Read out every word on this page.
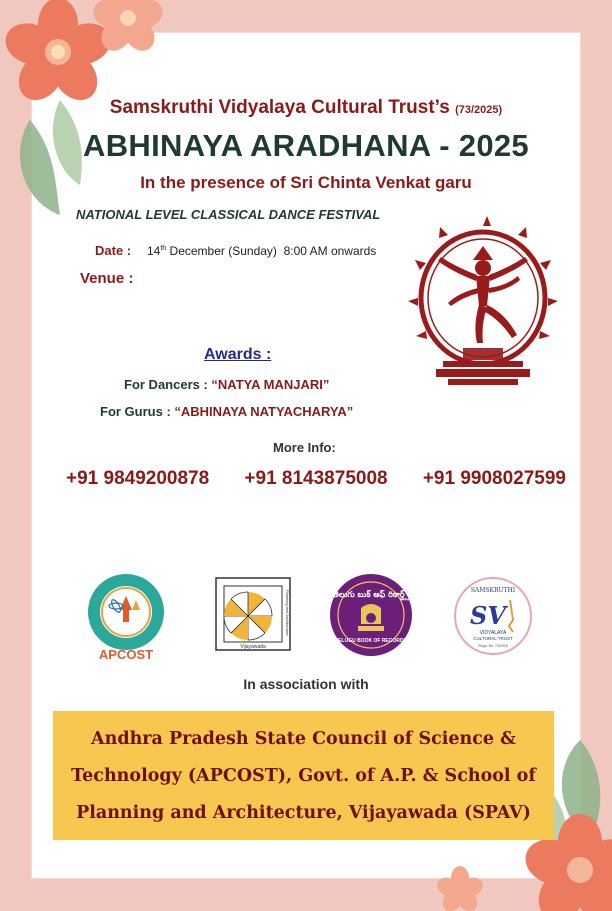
Samskruthi Vidyalaya Cultural Trust’s (73/2025)
ABHINAYA ARADHANA - 2025
In the presence of Sri Chinta Venkat garu
NATIONAL LEVEL CLASSICAL DANCE FESTIVAL
Date : 14th December (Sunday)  8:00 AM onwards
Venue :
Awards :
For Dancers : “NATYA MANJARI”
For Gurus : “ABHINAYA NATYACHARYA”
More Info:
+91 9849200878 +91 8143875008 +91 9908027599
APCOST	Vijayawada
Planning and Architecture	తెలుగు బుక్ ఆఫ్ రికార్డ్స్
TELUGU BOOK OF RECORDS
SAMSKRUTHI
SV
VIDYALAYA
CULTURAL TRUST
Regd. No: 73/2025
In association with
Andhra Pradesh State Council of Science &
Technology (APCOST), Govt. of A.P. & School of
Planning and Architecture, Vijayawada (SPAV)
